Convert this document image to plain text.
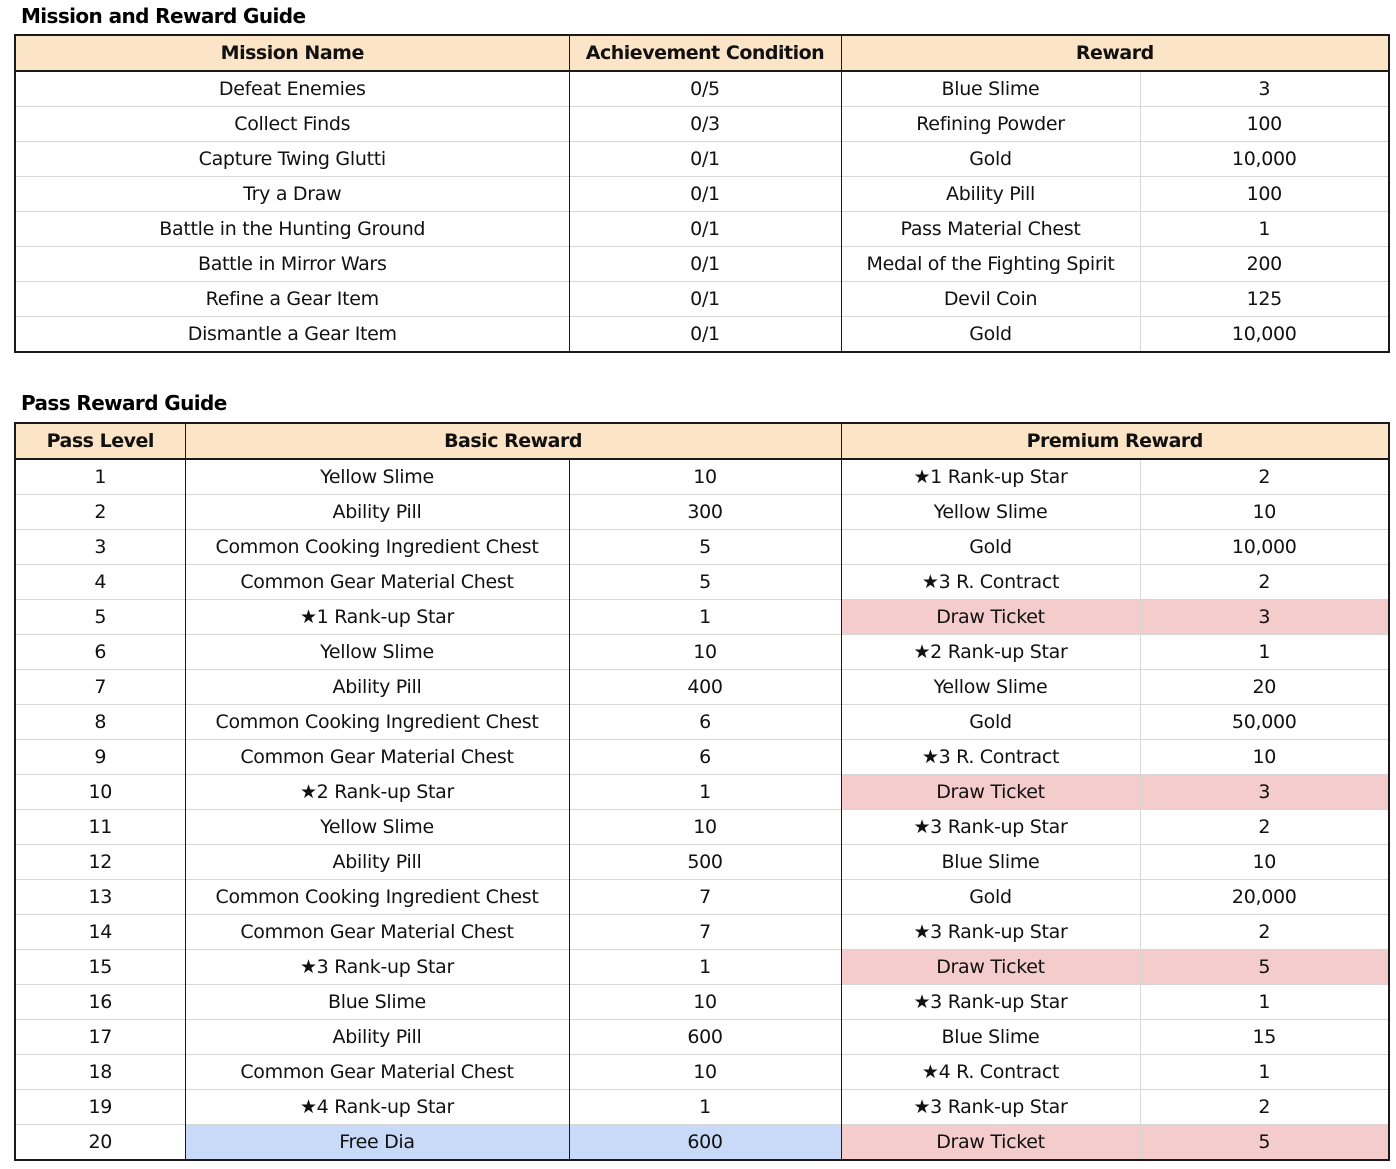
Mission and Reward Guide
Mission Name	Achievement Condition	Reward	
Defeat Enemies	0/5	Blue Slime	3
Collect Finds	0/3	Refining Powder	100
Capture Twing Glutti	0/1	Gold	10,000
Try a Draw	0/1	Ability Pill	100
Battle in the Hunting Ground	0/1	Pass Material Chest	1
Battle in Mirror Wars	0/1	Medal of the Fighting Spirit	200
Refine a Gear Item	0/1	Devil Coin	125
Dismantle a Gear Item	0/1	Gold	10,000
Pass Reward Guide
Pass Level	Basic Reward		Premium Reward	
1	Yellow Slime	10	★1 Rank-up Star	2
2	Ability Pill	300	Yellow Slime	10
3	Common Cooking Ingredient Chest	5	Gold	10,000
4	Common Gear Material Chest	5	★3 R. Contract	2
5	★1 Rank-up Star	1	Draw Ticket	3
6	Yellow Slime	10	★2 Rank-up Star	1
7	Ability Pill	400	Yellow Slime	20
8	Common Cooking Ingredient Chest	6	Gold	50,000
9	Common Gear Material Chest	6	★3 R. Contract	10
10	★2 Rank-up Star	1	Draw Ticket	3
11	Yellow Slime	10	★3 Rank-up Star	2
12	Ability Pill	500	Blue Slime	10
13	Common Cooking Ingredient Chest	7	Gold	20,000
14	Common Gear Material Chest	7	★3 Rank-up Star	2
15	★3 Rank-up Star	1	Draw Ticket	5
16	Blue Slime	10	★3 Rank-up Star	1
17	Ability Pill	600	Blue Slime	15
18	Common Gear Material Chest	10	★4 R. Contract	1
19	★4 Rank-up Star	1	★3 Rank-up Star	2
20	Free Dia	600	Draw Ticket	5
